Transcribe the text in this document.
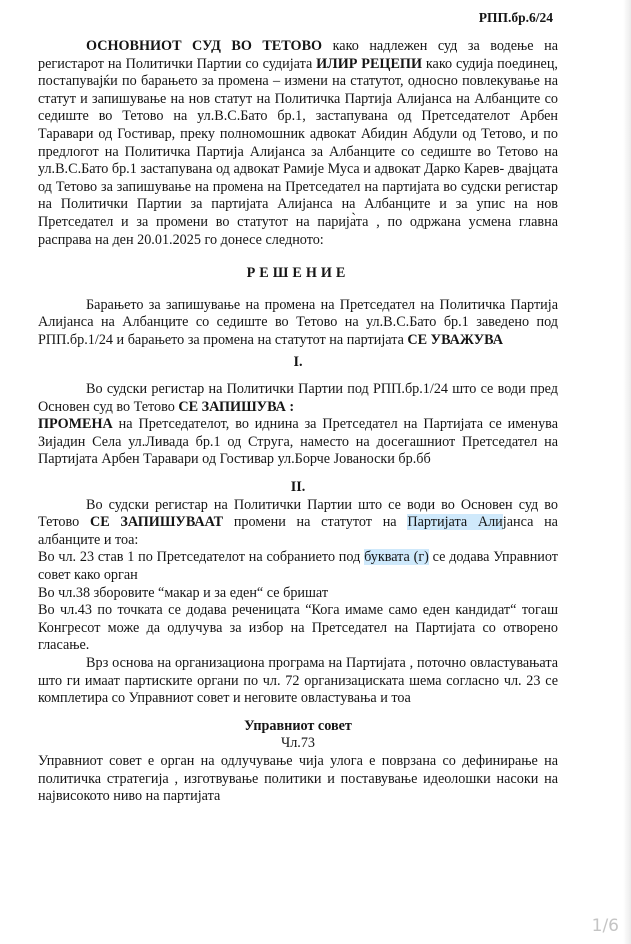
РПП.бр.6/24

ОСНОВНИОТ СУД ВО ТЕТОВО како надлежен суд за водење на регистарот на Политички Партии со судијата ИЛИР РЕЦЕПИ како судија поединец, постапувајќи по барањето за промена – измени на статутот, односно повлекување на статут и запишување на нов статут на Политичка Партија Алијанса на Албанците со седиште во Тетово на ул.В.С.Бато бр.1, застапувана од Претседателот Арбен Таравари од Гостивар, преку полномошник адвокат Абидин Абдули од Тетово, и по предлогот на Политичка Партија Алијанса за Албанците со седиште во Тетово на ул.В.С.Бато бр.1 застапувана од адвокат Рамије Муса и адвокат Дарко Карев- двајцата од Тетово за запишување на промена на Претседател на партијата во судски регистар на Политички Партии за партијата Алијанса на Албанците и за упис на нов Претседател и за промени во статутот на парија̀та , по одржана усмена главна расправа на ден 20.01.2025 го донесе следното:

РЕШЕНИЕ

Барањето за запишување на промена на Претседател на Политичка Партија Алијанса на Албанците со седиште во Тетово на ул.В.С.Бато бр.1 заведено под РПП.бр.1/24 и барањето за промена на статутот на партијата СЕ УВАЖУВА

I.

Во судски регистар на Политички Партии под РПП.бр.1/24 што се води пред Основен суд во Тетово СЕ ЗАПИШУВА :
ПРОМЕНА на Претседателот, во иднина за Претседател на Партијата се именува Зијадин Села ул.Ливада бр.1 од Струга, наместо на досегашниот Претседател на Партијата Арбен Таравари од Гостивар ул.Борче Јованоски бр.бб

II.

Во судски регистар на Политички Партии што се води во Основен суд во Тетово СЕ ЗАПИШУВААТ промени на статутот на Партијата Алијанса на албанците и тоа:

Во чл. 23 став 1 по Претседателот на собранието под буквата (г) се додава Управниот совет како орган

Во чл.38 зборовите “макар и за еден“ се бришат

Во чл.43 по точката се додава реченицата “Кога имаме само еден кандидат“ тогаш Конгресот може да одлучува за избор на Претседател на Партијата со отворено гласање.

Врз основа на организациона програма на Партијата , поточно овластувањата што ги имаат партиските органи по чл. 72 организациската шема согласно чл. 23 се комплетира со Управниот совет и неговите овластувања и тоа

Управниот совет

Чл.73

Управниот совет е орган на одлучување чија улога е поврзана со дефинирање на политичка стратегија , изготвување политики и поставување идеолошки насоки на највисокото ниво на партијата

1/6
